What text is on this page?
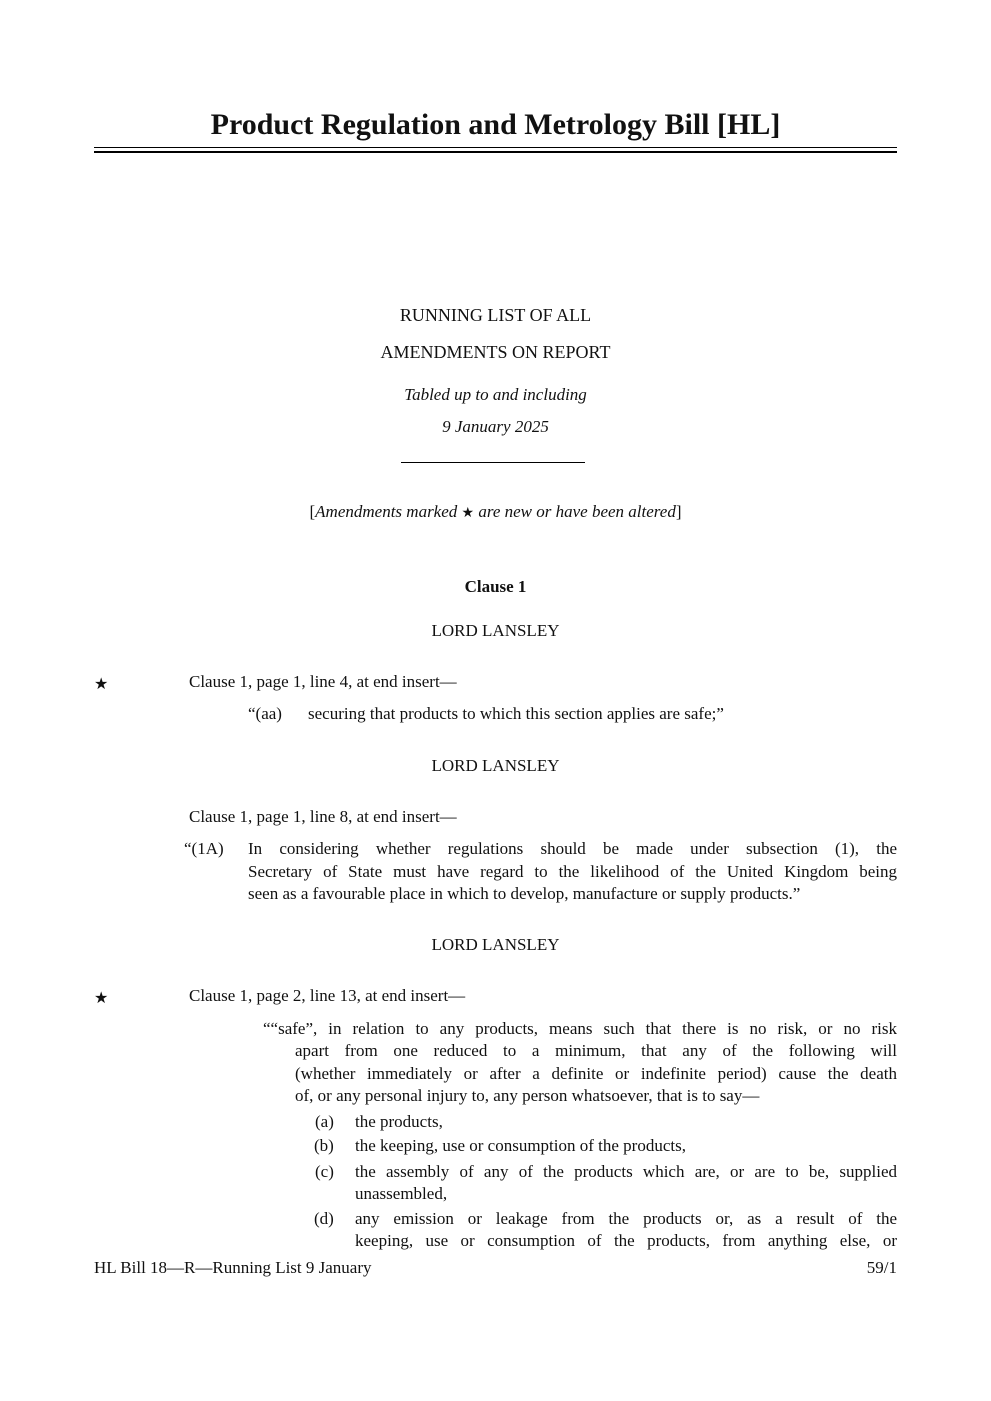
Product Regulation and Metrology Bill [HL]
RUNNING LIST OF ALL
AMENDMENTS ON REPORT
Tabled up to and including
9 January 2025
[Amendments marked ★ are new or have been altered]
Clause 1
LORD LANSLEY
★	Clause 1, page 1, line 4, at end insert—
“(aa) securing that products to which this section applies are safe;”
LORD LANSLEY
Clause 1, page 1, line 8, at end insert—
“(1A) In considering whether regulations should be made under subsection (1), the
Secretary of State must have regard to the likelihood of the United Kingdom being
seen as a favourable place in which to develop, manufacture or supply products.”
LORD LANSLEY
★	Clause 1, page 2, line 13, at end insert—
““safe”, in relation to any products, means such that there is no risk, or no risk
apart from one reduced to a minimum, that any of the following will
(whether immediately or after a definite or indefinite period) cause the death
of, or any personal injury to, any person whatsoever, that is to say—
(a) the products,
(b) the keeping, use or consumption of the products,
(c) the assembly of any of the products which are, or are to be, supplied
unassembled,
(d) any emission or leakage from the products or, as a result of the
keeping, use or consumption of the products, from anything else, or
HL Bill 18—R—Running List 9 January	59/1
